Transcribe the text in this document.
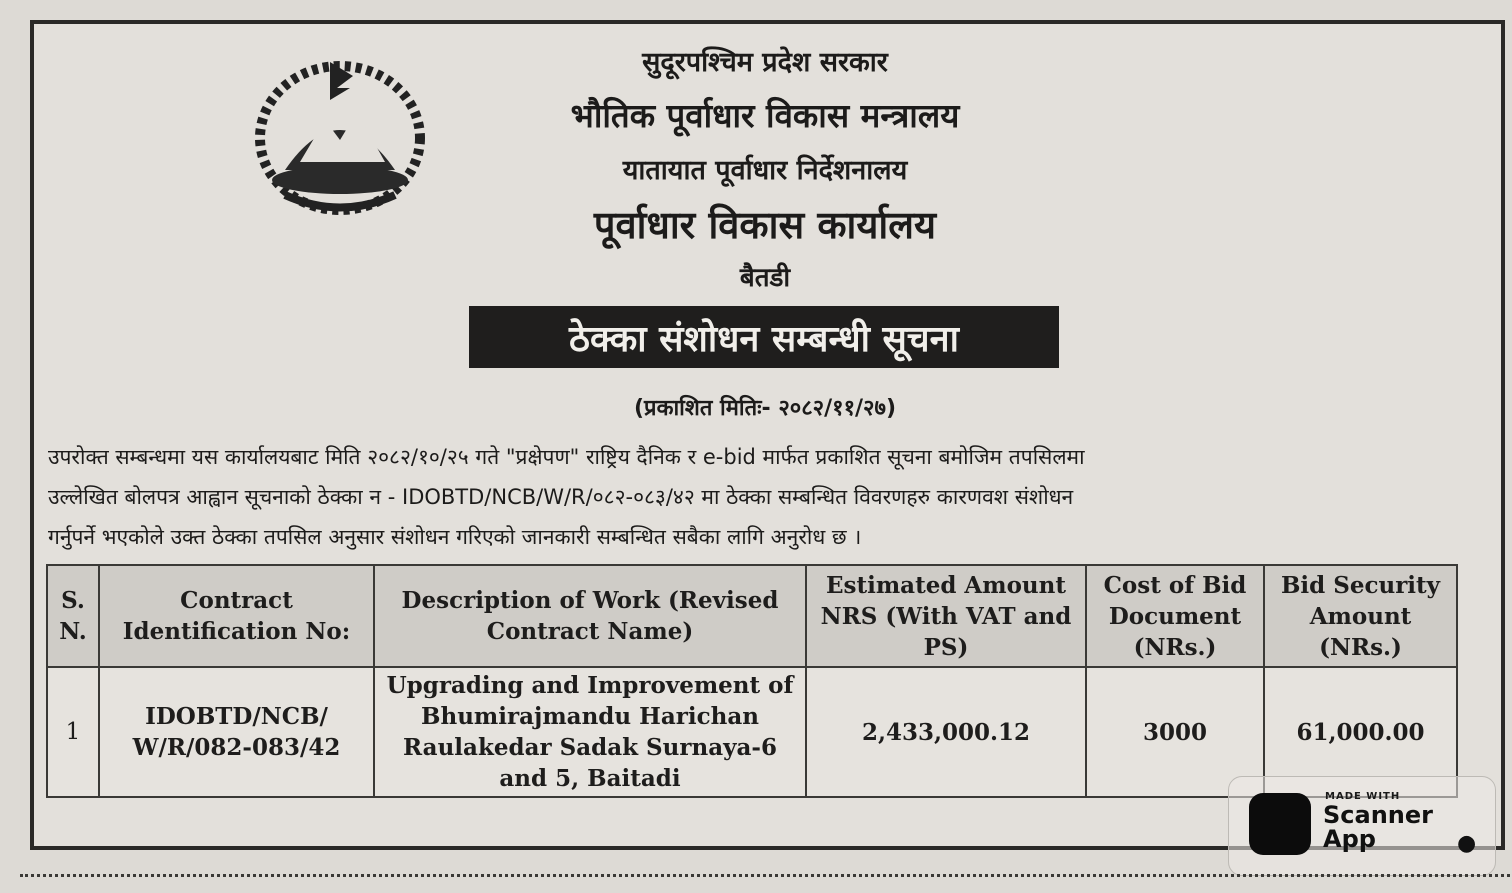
सुदूरपश्चिम प्रदेश सरकार
भौतिक पूर्वाधार विकास मन्त्रालय
यातायात पूर्वाधार निर्देशनालय
पूर्वाधार विकास कार्यालय
बैतडी
ठेक्का संशोधन सम्बन्धी सूचना
(प्रकाशित मितिः- २०८२/११/२७)
उपरोक्त सम्बन्धमा यस कार्यालयबाट मिति २०८२/१०/२५ गते "प्रक्षेपण" राष्ट्रिय दैनिक र e-bid मार्फत प्रकाशित सूचना बमोजिम तपसिलमा
उल्लेखित बोलपत्र आह्वान सूचनाको ठेक्का न - IDOBTD/NCB/W/R/०८२-०८३/४२ मा ठेक्का सम्बन्धित विवरणहरु कारणवश संशोधन
गर्नुपर्ने भएकोले उक्त ठेक्का तपसिल अनुसार संशोधन गरिएको जानकारी सम्बन्धित सबैका लागि अनुरोध छ ।
S. N.	Contract Identification No:	Description of Work (Revised Contract Name)	Estimated Amount NRS (With VAT and PS)	Cost of Bid Document (NRs.)	Bid Security Amount (NRs.)
1	IDOBTD/NCB/ W/R/082-083/42	Upgrading and Improvement of Bhumirajmandu Harichan Raulakedar Sadak Surnaya-6 and 5, Baitadi	2,433,000.12	3000	61,000.00
MADE WITH
Scanner App	●
